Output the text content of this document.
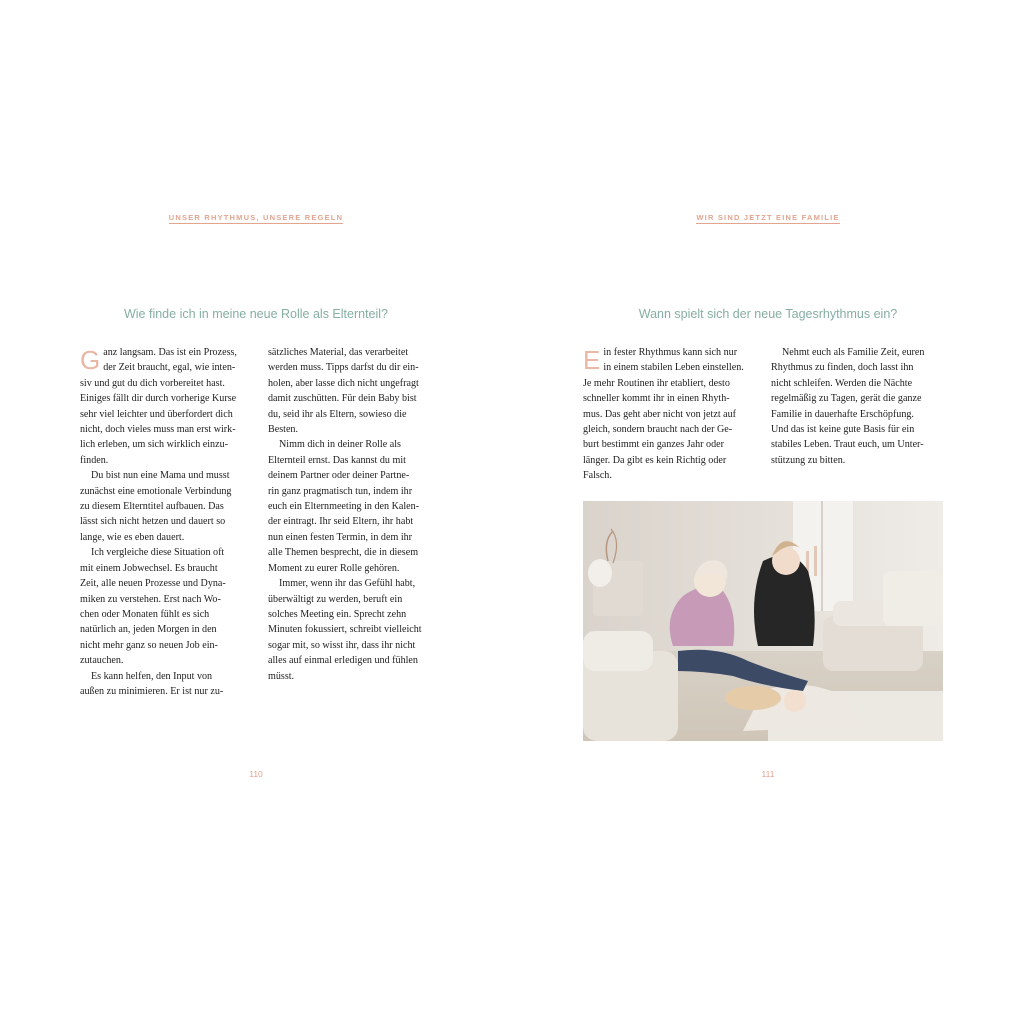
UNSER RHYTHMUS, UNSERE REGELN
Wie finde ich in meine neue Rolle als Elternteil?

Ganz langsam. Das ist ein Prozess,
der Zeit braucht, egal, wie inten-
siv und gut du dich vorbereitet hast.
Einiges fällt dir durch vorherige Kurse
sehr viel leichter und überfordert dich
nicht, doch vieles muss man erst wirk-
lich erleben, um sich wirklich einzu-
finden.

Du bist nun eine Mama und musst
zunächst eine emotionale Verbindung
zu diesem Elterntitel aufbauen. Das
lässt sich nicht hetzen und dauert so
lange, wie es eben dauert.

Ich vergleiche diese Situation oft
mit einem Jobwechsel. Es braucht
Zeit, alle neuen Prozesse und Dyna-
miken zu verstehen. Erst nach Wo-
chen oder Monaten fühlt es sich
natürlich an, jeden Morgen in den
nicht mehr ganz so neuen Job ein-
zutauchen.

Es kann helfen, den Input von
außen zu minimieren. Er ist nur zu-

sätzliches Material, das verarbeitet
werden muss. Tipps darfst du dir ein-
holen, aber lasse dich nicht ungefragt
damit zuschütten. Für dein Baby bist
du, seid ihr als Eltern, sowieso die
Besten.

Nimm dich in deiner Rolle als
Elternteil ernst. Das kannst du mit
deinem Partner oder deiner Partne-
rin ganz pragmatisch tun, indem ihr
euch ein Elternmeeting in den Kalen-
der eintragt. Ihr seid Eltern, ihr habt
nun einen festen Termin, in dem ihr
alle Themen besprecht, die in diesem
Moment zu eurer Rolle gehören.

Immer, wenn ihr das Gefühl habt,
überwältigt zu werden, beruft ein
solches Meeting ein. Sprecht zehn
Minuten fokussiert, schreibt vielleicht
sogar mit, so wisst ihr, dass ihr nicht
alles auf einmal erledigen und fühlen
müsst.

110
WIR SIND JETZT EINE FAMILIE
Wann spielt sich der neue Tagesrhythmus ein?

Ein fester Rhythmus kann sich nur
in einem stabilen Leben einstellen.
Je mehr Routinen ihr etabliert, desto
schneller kommt ihr in einen Rhyth-
mus. Das geht aber nicht von jetzt auf
gleich, sondern braucht nach der Ge-
burt bestimmt ein ganzes Jahr oder
länger. Da gibt es kein Richtig oder
Falsch.

Nehmt euch als Familie Zeit, euren
Rhythmus zu finden, doch lasst ihn
nicht schleifen. Werden die Nächte
regelmäßig zu Tagen, gerät die ganze
Familie in dauerhafte Erschöpfung.
Und das ist keine gute Basis für ein
stabiles Leben. Traut euch, um Unter-
stützung zu bitten.

111
